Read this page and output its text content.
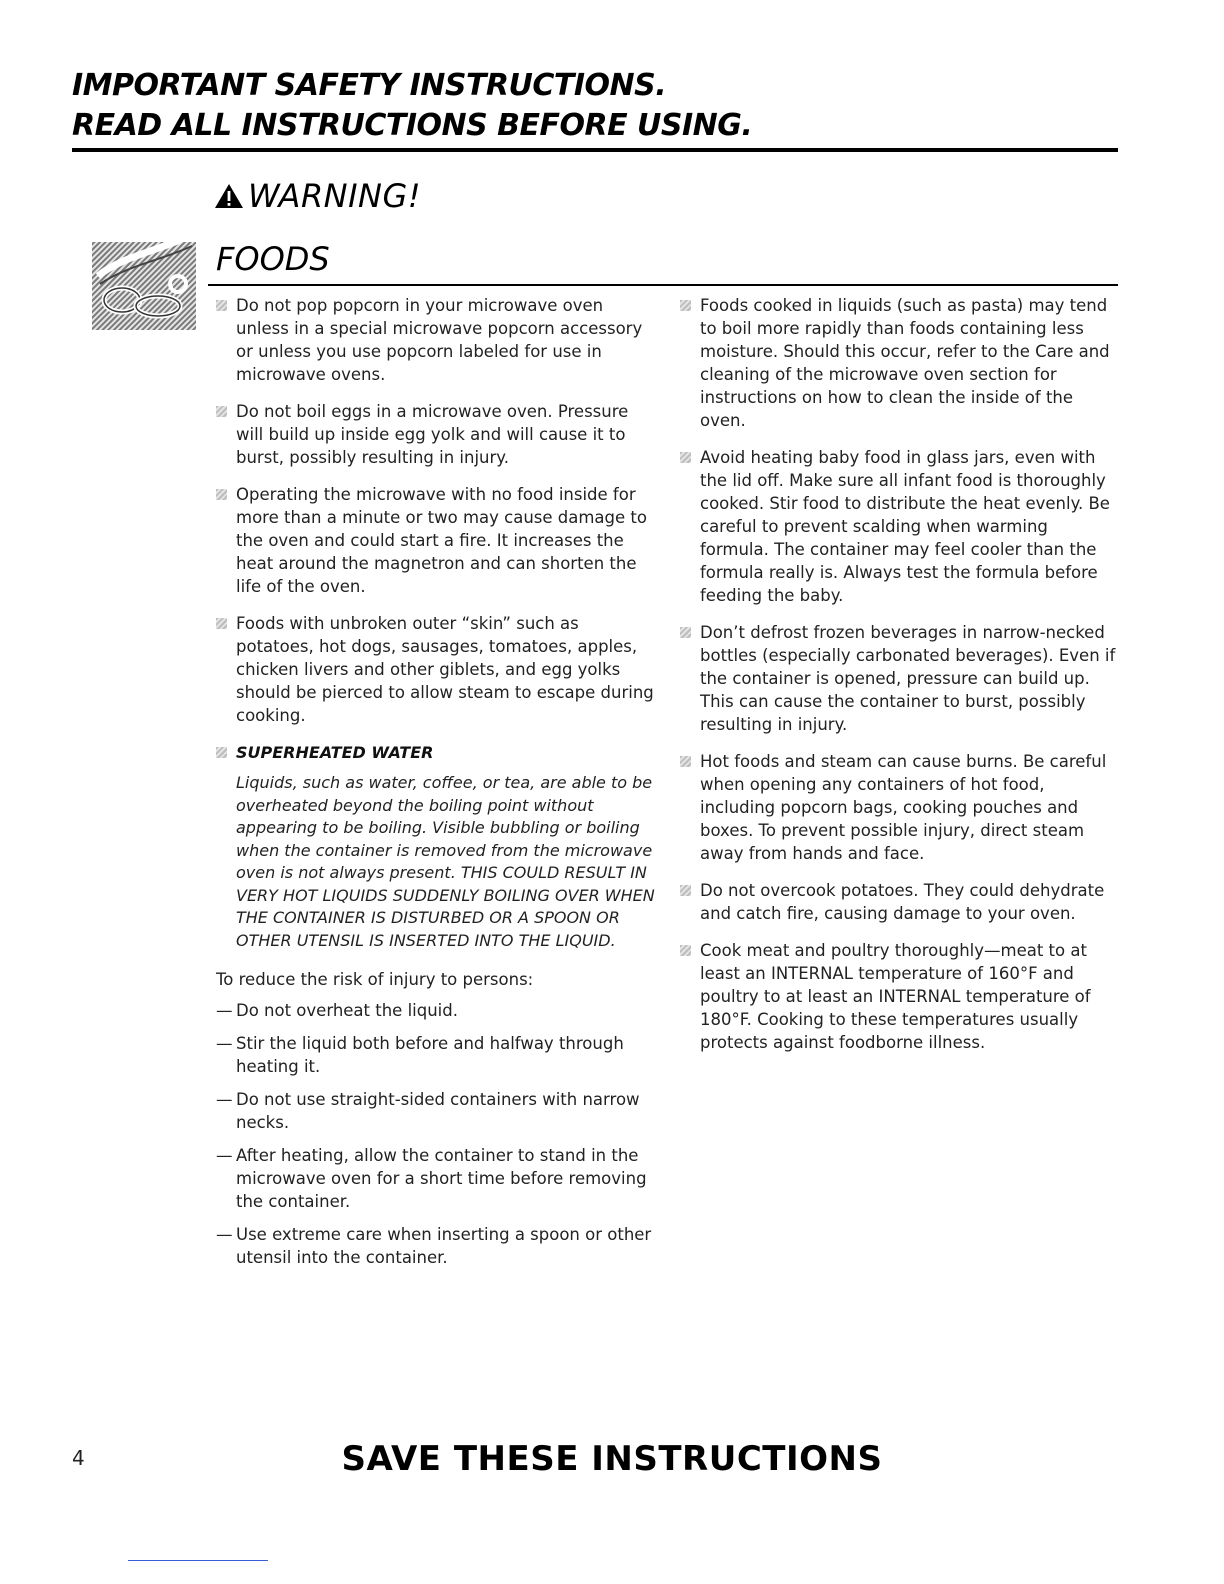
IMPORTANT SAFETY INSTRUCTIONS.
READ ALL INSTRUCTIONS BEFORE USING.
WARNING!
FOODS
Do not pop popcorn in your microwave oven unless in a special microwave popcorn accessory or unless you use popcorn labeled for use in microwave ovens.
Do not boil eggs in a microwave oven. Pressure will build up inside egg yolk and will cause it to burst, possibly resulting in injury.
Operating the microwave with no food inside for more than a minute or two may cause damage to the oven and could start a fire. It increases the heat around the magnetron and can shorten the life of the oven.
Foods with unbroken outer “skin” such as potatoes, hot dogs, sausages, tomatoes, apples, chicken livers and other giblets, and egg yolks should be pierced to allow steam to escape during cooking.
SUPERHEATED WATER
Liquids, such as water, coffee, or tea, are able to be overheated beyond the boiling point without appearing to be boiling. Visible bubbling or boiling when the container is removed from the microwave oven is not always present. THIS COULD RESULT IN VERY HOT LIQUIDS SUDDENLY BOILING OVER WHEN THE CONTAINER IS DISTURBED OR A SPOON OR OTHER UTENSIL IS INSERTED INTO THE LIQUID.
To reduce the risk of injury to persons:
— Do not overheat the liquid.
— Stir the liquid both before and halfway through heating it.
— Do not use straight-sided containers with narrow necks.
— After heating, allow the container to stand in the microwave oven for a short time before removing the container.
— Use extreme care when inserting a spoon or other utensil into the container.
Foods cooked in liquids (such as pasta) may tend to boil more rapidly than foods containing less moisture. Should this occur, refer to the Care and cleaning of the microwave oven section for instructions on how to clean the inside of the oven.
Avoid heating baby food in glass jars, even with the lid off. Make sure all infant food is thoroughly cooked. Stir food to distribute the heat evenly. Be careful to prevent scalding when warming formula. The container may feel cooler than the formula really is. Always test the formula before feeding the baby.
Don’t defrost frozen beverages in narrow-necked bottles (especially carbonated beverages). Even if the container is opened, pressure can build up. This can cause the container to burst, possibly resulting in injury.
Hot foods and steam can cause burns. Be careful when opening any containers of hot food, including popcorn bags, cooking pouches and boxes. To prevent possible injury, direct steam away from hands and face.
Do not overcook potatoes. They could dehydrate and catch fire, causing damage to your oven.
Cook meat and poultry thoroughly—meat to at least an INTERNAL temperature of 160°F and poultry to at least an INTERNAL temperature of 180°F. Cooking to these temperatures usually protects against foodborne illness.
SAVE THESE INSTRUCTIONS
4
